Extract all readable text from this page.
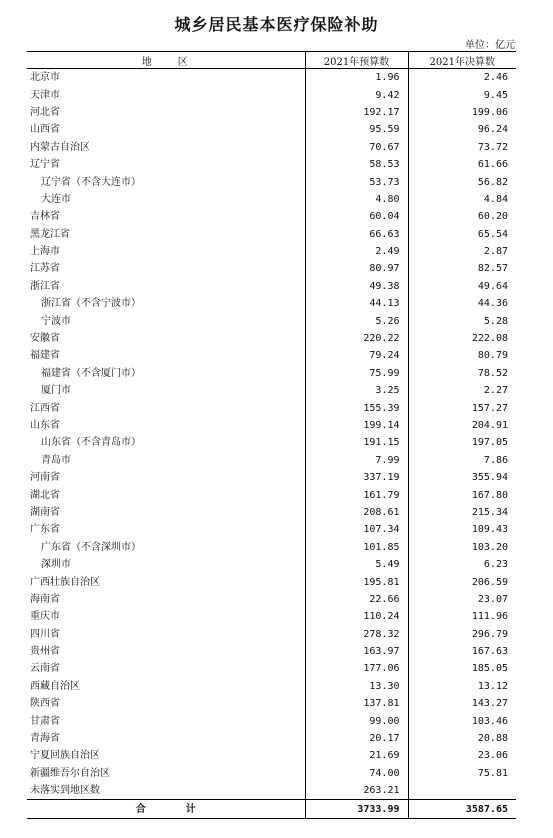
城乡居民基本医疗保险补助
单位：亿元
地　　区	2021年预算数	2021年决算数
北京市	1.96	2.46
天津市	9.42	9.45
河北省	192.17	199.06
山西省	95.59	96.24
内蒙古自治区	70.67	73.72
辽宁省	58.53	61.66
辽宁省（不含大连市）	53.73	56.82
大连市	4.80	4.84
吉林省	60.04	60.20
黑龙江省	66.63	65.54
上海市	2.49	2.87
江苏省	80.97	82.57
浙江省	49.38	49.64
浙江省（不含宁波市）	44.13	44.36
宁波市	5.26	5.28
安徽省	220.22	222.08
福建省	79.24	80.79
福建省（不含厦门市）	75.99	78.52
厦门市	3.25	2.27
江西省	155.39	157.27
山东省	199.14	204.91
山东省（不含青岛市）	191.15	197.05
青岛市	7.99	7.86
河南省	337.19	355.94
湖北省	161.79	167.80
湖南省	208.61	215.34
广东省	107.34	109.43
广东省（不含深圳市）	101.85	103.20
深圳市	5.49	6.23
广西壮族自治区	195.81	206.59
海南省	22.66	23.07
重庆市	110.24	111.96
四川省	278.32	296.79
贵州省	163.97	167.63
云南省	177.06	185.05
西藏自治区	13.30	13.12
陕西省	137.81	143.27
甘肃省	99.00	103.46
青海省	20.17	20.88
宁夏回族自治区	21.69	23.06
新疆维吾尔自治区	74.00	75.81
未落实到地区数	263.21	
合　　　　计	3733.99	3587.65
